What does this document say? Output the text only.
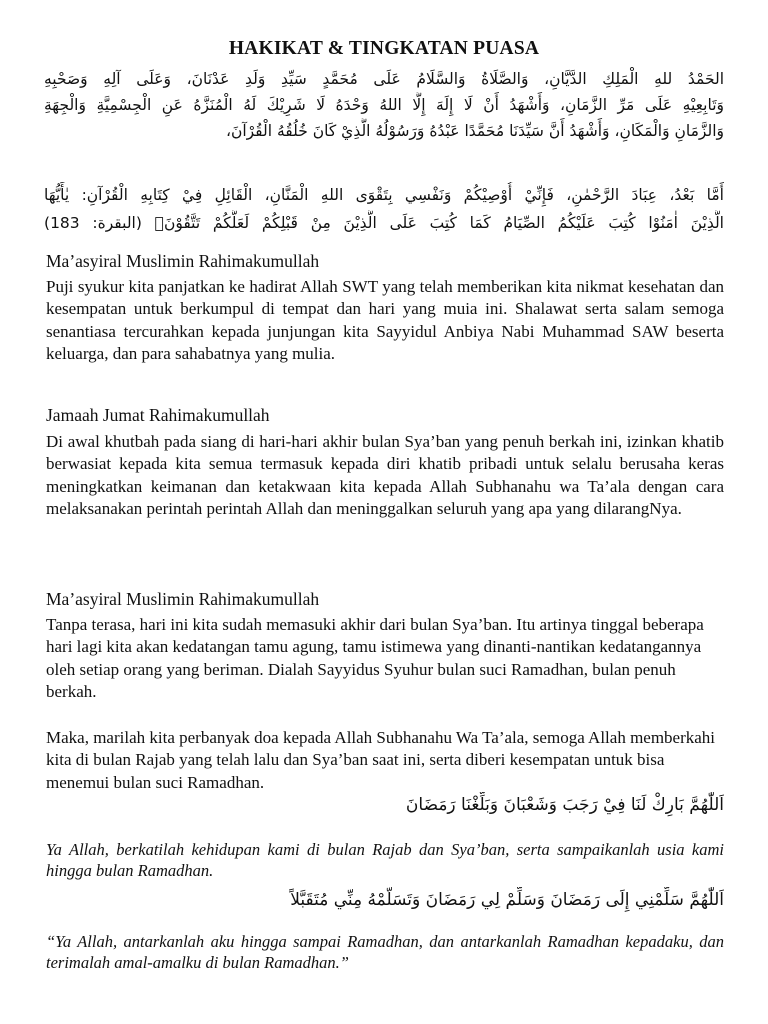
HAKIKAT & TINGKATAN PUASA
الحَمْدُ للهِ الْمَلِكِ الدَّيَّانِ، وَالصَّلَاةُ وَالسَّلَامُ عَلَى مُحَمَّدٍ سَيِّدِ وَلَدِ عَدْنَانَ، وَعَلَى آلِهِ وَصَحْبِهِ
وَتَابِعِيْهِ عَلَى مَرِّ الزَّمَانِ، وَأَشْهَدُ أَنْ لَا إِلَهَ إِلَّا اللهُ وَحْدَهُ لَا شَرِيْكَ لَهُ الْمُنَزَّهُ عَنِ الْجِسْمِيَّةِ وَالْجِهَةِ
وَالزَّمَانِ وَالْمَكَانِ، وَأَشْهَدُ أَنَّ سَيِّدَنَا مُحَمَّدًا عَبْدُهُ وَرَسُوْلُهُ الَّذِيْ كَانَ خُلُقُهُ الْقُرْآنَ،
أَمَّا بَعْدُ، عِبَادَ الرَّحْمٰنِ، فَإِنِّيْ أُوْصِيْكُمْ وَنَفْسِي بِتَقْوَى اللهِ الْمَنَّانِ، الْقَائِلِ فِيْ كِتَابِهِ الْقُرْآنِ: يٰأَيُّهَا
الَّذِيْنَ اٰمَنُوْا كُتِبَ عَلَيْكُمُ الصِّيَامُ كَمَا كُتِبَ عَلَى الَّذِيْنَ مِنْ قَبْلِكُمْ لَعَلَّكُمْ تَتَّقُوْنَۙ (البقرة: 183)
Ma’asyiral Muslimin Rahimakumullah
Puji syukur kita panjatkan ke hadirat Allah SWT yang telah memberikan kita nikmat kesehatan dan kesempatan untuk berkumpul di tempat dan hari yang muia ini. Shalawat serta salam semoga senantiasa tercurahkan kepada junjungan kita Sayyidul Anbiya Nabi Muhammad SAW beserta keluarga, dan para sahabatnya yang mulia.
Jamaah Jumat Rahimakumullah
Di awal khutbah pada siang di hari-hari akhir bulan Sya’ban yang penuh berkah ini, izinkan khatib berwasiat kepada kita semua termasuk kepada diri khatib pribadi untuk selalu berusaha keras meningkatkan keimanan dan ketakwaan kita kepada Allah Subhanahu wa Ta’ala dengan cara melaksanakan perintah perintah Allah dan meninggalkan seluruh yang apa yang dilarangNya.
Ma’asyiral Muslimin Rahimakumullah
Tanpa terasa, hari ini kita sudah memasuki akhir dari bulan Sya’ban. Itu artinya tinggal beberapa hari lagi kita akan kedatangan tamu agung, tamu istimewa yang dinanti-nantikan kedatangannya oleh setiap orang yang beriman. Dialah Sayyidus Syuhur bulan suci Ramadhan, bulan penuh berkah.
Maka, marilah kita perbanyak doa kepada Allah Subhanahu Wa Ta’ala, semoga Allah memberkahi kita di bulan Rajab yang telah lalu dan Sya’ban saat ini, serta diberi kesempatan untuk bisa menemui bulan suci Ramadhan.
اَللّٰهُمَّ بَارِكْ لَنَا فِيْ رَجَبَ وَشَعْبَانَ وَبَلِّغْنَا رَمَضَانَ
Ya Allah, berkatilah kehidupan kami di bulan Rajab dan Sya’ban, serta sampaikanlah usia kami hingga bulan Ramadhan.
اَللّٰهُمَّ سَلِّمْنِي إِلَى رَمَضَانَ وَسَلِّمْ لِي رَمَضَانَ وَتَسَلَّمْهُ مِنِّي مُتَقَبَّلاً
“Ya Allah, antarkanlah aku hingga sampai Ramadhan, dan antarkanlah Ramadhan kepadaku, dan terimalah amal-amalku di bulan Ramadhan.”
